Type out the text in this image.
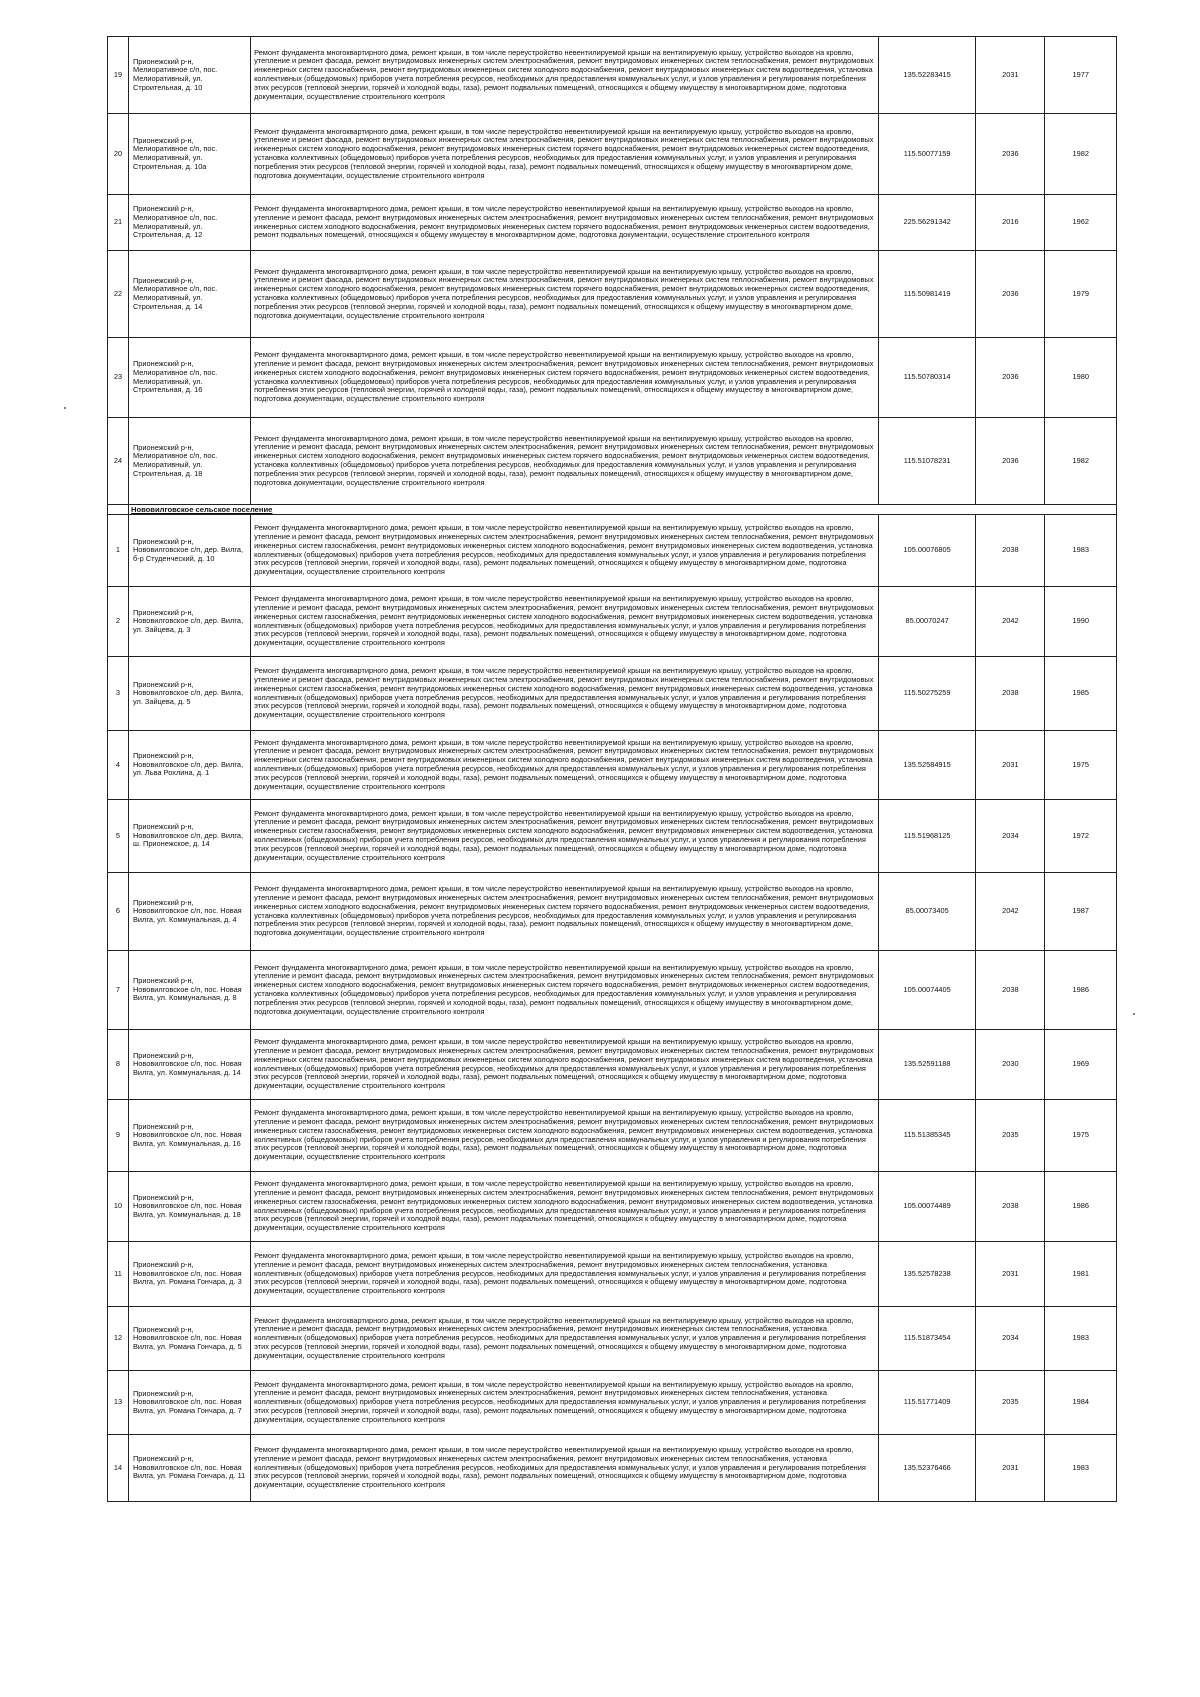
19	Прионежский р-н, Мелиоративное с/п, пос. Мелиоративный, ул. Строительная, д. 10	Ремонт фундамента многоквартирного дома, ремонт крыши, в том числе переустройство невентилируемой крыши на вентилируемую крышу, устройство выходов на кровлю, утепление и ремонт фасада, ремонт внутридомовых инженерных систем электроснабжения, ремонт внутридомовых инженерных систем теплоснабжения, ремонт внутридомовых инженерных систем газоснабжения, ремонт внутридомовых инженерных систем холодного водоснабжения, ремонт внутридомовых инженерных систем водоотведения, установка коллективных (общедомовых) приборов учета потребления ресурсов, необходимых для предоставления коммунальных услуг, и узлов управления и регулирования потребления этих ресурсов (тепловой энергии, горячей и холодной воды, газа), ремонт подвальных помещений, относящихся к общему имуществу в многоквартирном доме, подготовка документации, осуществление строительного контроля	135.52283415	2031	1977
20	Прионежский р-н, Мелиоративное с/п, пос. Мелиоративный, ул. Строительная, д. 10а	Ремонт фундамента многоквартирного дома, ремонт крыши, в том числе переустройство невентилируемой крыши на вентилируемую крышу, устройство выходов на кровлю, утепление и ремонт фасада, ремонт внутридомовых инженерных систем электроснабжения, ремонт внутридомовых инженерных систем теплоснабжения, ремонт внутридомовых инженерных систем холодного водоснабжения, ремонт внутридомовых инженерных систем горячего водоснабжения, ремонт внутридомовых инженерных систем водоотведения, установка коллективных (общедомовых) приборов учета потребления ресурсов, необходимых для предоставления коммунальных услуг, и узлов управления и регулирования потребления этих ресурсов (тепловой энергии, горячей и холодной воды, газа), ремонт подвальных помещений, относящихся к общему имуществу в многоквартирном доме, подготовка документации, осуществление строительного контроля	115.50077159	2036	1982
21	Прионежский р-н, Мелиоративное с/п, пос. Мелиоративный, ул. Строительная, д. 12	Ремонт фундамента многоквартирного дома, ремонт крыши, в том числе переустройство невентилируемой крыши на вентилируемую крышу, устройство выходов на кровлю, утепление и ремонт фасада, ремонт внутридомовых инженерных систем электроснабжения, ремонт внутридомовых инженерных систем теплоснабжения, ремонт внутридомовых инженерных систем холодного водоснабжения, ремонт внутридомовых инженерных систем горячего водоснабжения, ремонт внутридомовых инженерных систем водоотведения, ремонт подвальных помещений, относящихся к общему имуществу в многоквартирном доме, подготовка документации, осуществление строительного контроля	225.56291342	2016	1962
22	Прионежский р-н, Мелиоративное с/п, пос. Мелиоративный, ул. Строительная, д. 14	Ремонт фундамента многоквартирного дома, ремонт крыши, в том числе переустройство невентилируемой крыши на вентилируемую крышу, устройство выходов на кровлю, утепление и ремонт фасада, ремонт внутридомовых инженерных систем электроснабжения, ремонт внутридомовых инженерных систем теплоснабжения, ремонт внутридомовых инженерных систем холодного водоснабжения, ремонт внутридомовых инженерных систем горячего водоснабжения, ремонт внутридомовых инженерных систем водоотведения, установка коллективных (общедомовых) приборов учета потребления ресурсов, необходимых для предоставления коммунальных услуг, и узлов управления и регулирования потребления этих ресурсов (тепловой энергии, горячей и холодной воды, газа), ремонт подвальных помещений, относящихся к общему имуществу в многоквартирном доме, подготовка документации, осуществление строительного контроля	115.50981419	2036	1979
23	Прионежский р-н, Мелиоративное с/п, пос. Мелиоративный, ул. Строительная, д. 16	Ремонт фундамента многоквартирного дома, ремонт крыши, в том числе переустройство невентилируемой крыши на вентилируемую крышу, устройство выходов на кровлю, утепление и ремонт фасада, ремонт внутридомовых инженерных систем электроснабжения, ремонт внутридомовых инженерных систем теплоснабжения, ремонт внутридомовых инженерных систем холодного водоснабжения, ремонт внутридомовых инженерных систем горячего водоснабжения, ремонт внутридомовых инженерных систем водоотведения, установка коллективных (общедомовых) приборов учета потребления ресурсов, необходимых для предоставления коммунальных услуг, и узлов управления и регулирования потребления этих ресурсов (тепловой энергии, горячей и холодной воды, газа), ремонт подвальных помещений, относящихся к общему имуществу в многоквартирном доме, подготовка документации, осуществление строительного контроля	115.50780314	2036	1980
24	Прионежский р-н, Мелиоративное с/п, пос. Мелиоративный, ул. Строительная, д. 18	Ремонт фундамента многоквартирного дома, ремонт крыши, в том числе переустройство невентилируемой крыши на вентилируемую крышу, устройство выходов на кровлю, утепление и ремонт фасада, ремонт внутридомовых инженерных систем электроснабжения, ремонт внутридомовых инженерных систем теплоснабжения, ремонт внутридомовых инженерных систем холодного водоснабжения, ремонт внутридомовых инженерных систем горячего водоснабжения, ремонт внутридомовых инженерных систем водоотведения, установка коллективных (общедомовых) приборов учета потребления ресурсов, необходимых для предоставления коммунальных услуг, и узлов управления и регулирования потребления этих ресурсов (тепловой энергии, горячей и холодной воды, газа), ремонт подвальных помещений, относящихся к общему имуществу в многоквартирном доме, подготовка документации, осуществление строительного контроля	115.51078231	2036	1982
	Нововилговское сельское поселение				
1	Прионежский р-н, Нововилговское с/п, дер. Вилга, б-р Студенческий, д. 10	Ремонт фундамента многоквартирного дома, ремонт крыши, в том числе переустройство невентилируемой крыши на вентилируемую крышу, устройство выходов на кровлю, утепление и ремонт фасада, ремонт внутридомовых инженерных систем электроснабжения, ремонт внутридомовых инженерных систем теплоснабжения, ремонт внутридомовых инженерных систем газоснабжения, ремонт внутридомовых инженерных систем холодного водоснабжения, ремонт внутридомовых инженерных систем водоотведения, установка коллективных (общедомовых) приборов учета потребления ресурсов, необходимых для предоставления коммунальных услуг, и узлов управления и регулирования потребления этих ресурсов (тепловой энергии, горячей и холодной воды, газа), ремонт подвальных помещений, относящихся к общему имуществу в многоквартирном доме, подготовка документации, осуществление строительного контроля	105.00076805	2038	1983
2	Прионежский р-н, Нововилговское с/п, дер. Вилга, ул. Зайцева, д. 3	Ремонт фундамента многоквартирного дома, ремонт крыши, в том числе переустройство невентилируемой крыши на вентилируемую крышу, устройство выходов на кровлю, утепление и ремонт фасада, ремонт внутридомовых инженерных систем электроснабжения, ремонт внутридомовых инженерных систем теплоснабжения, ремонт внутридомовых инженерных систем газоснабжения, ремонт внутридомовых инженерных систем холодного водоснабжения, ремонт внутридомовых инженерных систем водоотведения, установка коллективных (общедомовых) приборов учета потребления ресурсов, необходимых для предоставления коммунальных услуг, и узлов управления и регулирования потребления этих ресурсов (тепловой энергии, горячей и холодной воды, газа), ремонт подвальных помещений, относящихся к общему имуществу в многоквартирном доме, подготовка документации, осуществление строительного контроля	85.00070247	2042	1990
3	Прионежский р-н, Нововилговское с/п, дер. Вилга, ул. Зайцева, д. 5	Ремонт фундамента многоквартирного дома, ремонт крыши, в том числе переустройство невентилируемой крыши на вентилируемую крышу, устройство выходов на кровлю, утепление и ремонт фасада, ремонт внутридомовых инженерных систем электроснабжения, ремонт внутридомовых инженерных систем теплоснабжения, ремонт внутридомовых инженерных систем газоснабжения, ремонт внутридомовых инженерных систем холодного водоснабжения, ремонт внутридомовых инженерных систем водоотведения, установка коллективных (общедомовых) приборов учета потребления ресурсов, необходимых для предоставления коммунальных услуг, и узлов управления и регулирования потребления этих ресурсов (тепловой энергии, горячей и холодной воды, газа), ремонт подвальных помещений, относящихся к общему имуществу в многоквартирном доме, подготовка документации, осуществление строительного контроля	115.50275259	2038	1985
4	Прионежский р-н, Нововилговское с/п, дер. Вилга, ул. Льва Рохлина, д. 1	Ремонт фундамента многоквартирного дома, ремонт крыши, в том числе переустройство невентилируемой крыши на вентилируемую крышу, устройство выходов на кровлю, утепление и ремонт фасада, ремонт внутридомовых инженерных систем электроснабжения, ремонт внутридомовых инженерных систем теплоснабжения, ремонт внутридомовых инженерных систем газоснабжения, ремонт внутридомовых инженерных систем холодного водоснабжения, ремонт внутридомовых инженерных систем водоотведения, установка коллективных (общедомовых) приборов учета потребления ресурсов, необходимых для предоставления коммунальных услуг, и узлов управления и регулирования потребления этих ресурсов (тепловой энергии, горячей и холодной воды, газа), ремонт подвальных помещений, относящихся к общему имуществу в многоквартирном доме, подготовка документации, осуществление строительного контроля	135.52584915	2031	1975
5	Прионежский р-н, Нововилговское с/п, дер. Вилга, ш. Прионежское, д. 14	Ремонт фундамента многоквартирного дома, ремонт крыши, в том числе переустройство невентилируемой крыши на вентилируемую крышу, устройство выходов на кровлю, утепление и ремонт фасада, ремонт внутридомовых инженерных систем электроснабжения, ремонт внутридомовых инженерных систем теплоснабжения, ремонт внутридомовых инженерных систем газоснабжения, ремонт внутридомовых инженерных систем холодного водоснабжения, ремонт внутридомовых инженерных систем водоотведения, установка коллективных (общедомовых) приборов учета потребления ресурсов, необходимых для предоставления коммунальных услуг, и узлов управления и регулирования потребления этих ресурсов (тепловой энергии, горячей и холодной воды, газа), ремонт подвальных помещений, относящихся к общему имуществу в многоквартирном доме, подготовка документации, осуществление строительного контроля	115.51968125	2034	1972
6	Прионежский р-н, Нововилговское с/п, пос. Новая Вилга, ул. Коммунальная, д. 4	Ремонт фундамента многоквартирного дома, ремонт крыши, в том числе переустройство невентилируемой крыши на вентилируемую крышу, устройство выходов на кровлю, утепление и ремонт фасада, ремонт внутридомовых инженерных систем электроснабжения, ремонт внутридомовых инженерных систем теплоснабжения, ремонт внутридомовых инженерных систем холодного водоснабжения, ремонт внутридомовых инженерных систем горячего водоснабжения, ремонт внутридомовых инженерных систем водоотведения, установка коллективных (общедомовых) приборов учета потребления ресурсов, необходимых для предоставления коммунальных услуг, и узлов управления и регулирования потребления этих ресурсов (тепловой энергии, горячей и холодной воды, газа), ремонт подвальных помещений, относящихся к общему имуществу в многоквартирном доме, подготовка документации, осуществление строительного контроля	85.00073405	2042	1987
7	Прионежский р-н, Нововилговское с/п, пос. Новая Вилга, ул. Коммунальная, д. 8	Ремонт фундамента многоквартирного дома, ремонт крыши, в том числе переустройство невентилируемой крыши на вентилируемую крышу, устройство выходов на кровлю, утепление и ремонт фасада, ремонт внутридомовых инженерных систем электроснабжения, ремонт внутридомовых инженерных систем теплоснабжения, ремонт внутридомовых инженерных систем холодного водоснабжения, ремонт внутридомовых инженерных систем горячего водоснабжения, ремонт внутридомовых инженерных систем водоотведения, установка коллективных (общедомовых) приборов учета потребления ресурсов, необходимых для предоставления коммунальных услуг, и узлов управления и регулирования потребления этих ресурсов (тепловой энергии, горячей и холодной воды, газа), ремонт подвальных помещений, относящихся к общему имуществу в многоквартирном доме, подготовка документации, осуществление строительного контроля	105.00074405	2038	1986
8	Прионежский р-н, Нововилговское с/п, пос. Новая Вилга, ул. Коммунальная, д. 14	Ремонт фундамента многоквартирного дома, ремонт крыши, в том числе переустройство невентилируемой крыши на вентилируемую крышу, устройство выходов на кровлю, утепление и ремонт фасада, ремонт внутридомовых инженерных систем электроснабжения, ремонт внутридомовых инженерных систем теплоснабжения, ремонт внутридомовых инженерных систем газоснабжения, ремонт внутридомовых инженерных систем холодного водоснабжения, ремонт внутридомовых инженерных систем водоотведения, установка коллективных (общедомовых) приборов учета потребления ресурсов, необходимых для предоставления коммунальных услуг, и узлов управления и регулирования потребления этих ресурсов (тепловой энергии, горячей и холодной воды, газа), ремонт подвальных помещений, относящихся к общему имуществу в многоквартирном доме, подготовка документации, осуществление строительного контроля	135.52591188	2030	1969
9	Прионежский р-н, Нововилговское с/п, пос. Новая Вилга, ул. Коммунальная, д. 16	Ремонт фундамента многоквартирного дома, ремонт крыши, в том числе переустройство невентилируемой крыши на вентилируемую крышу, устройство выходов на кровлю, утепление и ремонт фасада, ремонт внутридомовых инженерных систем электроснабжения, ремонт внутридомовых инженерных систем теплоснабжения, ремонт внутридомовых инженерных систем газоснабжения, ремонт внутридомовых инженерных систем холодного водоснабжения, ремонт внутридомовых инженерных систем водоотведения, установка коллективных (общедомовых) приборов учета потребления ресурсов, необходимых для предоставления коммунальных услуг, и узлов управления и регулирования потребления этих ресурсов (тепловой энергии, горячей и холодной воды, газа), ремонт подвальных помещений, относящихся к общему имуществу в многоквартирном доме, подготовка документации, осуществление строительного контроля	115.51385345	2035	1975
10	Прионежский р-н, Нововилговское с/п, пос. Новая Вилга, ул. Коммунальная, д. 18	Ремонт фундамента многоквартирного дома, ремонт крыши, в том числе переустройство невентилируемой крыши на вентилируемую крышу, устройство выходов на кровлю, утепление и ремонт фасада, ремонт внутридомовых инженерных систем электроснабжения, ремонт внутридомовых инженерных систем теплоснабжения, ремонт внутридомовых инженерных систем газоснабжения, ремонт внутридомовых инженерных систем холодного водоснабжения, ремонт внутридомовых инженерных систем водоотведения, установка коллективных (общедомовых) приборов учета потребления ресурсов, необходимых для предоставления коммунальных услуг, и узлов управления и регулирования потребления этих ресурсов (тепловой энергии, горячей и холодной воды, газа), ремонт подвальных помещений, относящихся к общему имуществу в многоквартирном доме, подготовка документации, осуществление строительного контроля	105.00074489	2038	1986
11	Прионежский р-н, Нововилговское с/п, пос. Новая Вилга, ул. Романа Гончара, д. 3	Ремонт фундамента многоквартирного дома, ремонт крыши, в том числе переустройство невентилируемой крыши на вентилируемую крышу, устройство выходов на кровлю, утепление и ремонт фасада, ремонт внутридомовых инженерных систем электроснабжения, ремонт внутридомовых инженерных систем теплоснабжения, установка коллективных (общедомовых) приборов учета потребления ресурсов, необходимых для предоставления коммунальных услуг, и узлов управления и регулирования потребления этих ресурсов (тепловой энергии, горячей и холодной воды, газа), ремонт подвальных помещений, относящихся к общему имуществу в многоквартирном доме, подготовка документации, осуществление строительного контроля	135.52578238	2031	1981
12	Прионежский р-н, Нововилговское с/п, пос. Новая Вилга, ул. Романа Гончара, д. 5	Ремонт фундамента многоквартирного дома, ремонт крыши, в том числе переустройство невентилируемой крыши на вентилируемую крышу, устройство выходов на кровлю, утепление и ремонт фасада, ремонт внутридомовых инженерных систем электроснабжения, ремонт внутридомовых инженерных систем теплоснабжения, установка коллективных (общедомовых) приборов учета потребления ресурсов, необходимых для предоставления коммунальных услуг, и узлов управления и регулирования потребления этих ресурсов (тепловой энергии, горячей и холодной воды, газа), ремонт подвальных помещений, относящихся к общему имуществу в многоквартирном доме, подготовка документации, осуществление строительного контроля	115.51873454	2034	1983
13	Прионежский р-н, Нововилговское с/п, пос. Новая Вилга, ул. Романа Гончара, д. 7	Ремонт фундамента многоквартирного дома, ремонт крыши, в том числе переустройство невентилируемой крыши на вентилируемую крышу, устройство выходов на кровлю, утепление и ремонт фасада, ремонт внутридомовых инженерных систем электроснабжения, ремонт внутридомовых инженерных систем теплоснабжения, установка коллективных (общедомовых) приборов учета потребления ресурсов, необходимых для предоставления коммунальных услуг, и узлов управления и регулирования потребления этих ресурсов (тепловой энергии, горячей и холодной воды, газа), ремонт подвальных помещений, относящихся к общему имуществу в многоквартирном доме, подготовка документации, осуществление строительного контроля	115.51771409	2035	1984
14	Прионежский р-н, Нововилговское с/п, пос. Новая Вилга, ул. Романа Гончара, д. 11	Ремонт фундамента многоквартирного дома, ремонт крыши, в том числе переустройство невентилируемой крыши на вентилируемую крышу, устройство выходов на кровлю, утепление и ремонт фасада, ремонт внутридомовых инженерных систем электроснабжения, ремонт внутридомовых инженерных систем теплоснабжения, установка коллективных (общедомовых) приборов учета потребления ресурсов, необходимых для предоставления коммунальных услуг, и узлов управления и регулирования потребления этих ресурсов (тепловой энергии, горячей и холодной воды, газа), ремонт подвальных помещений, относящихся к общему имуществу в многоквартирном доме, подготовка документации, осуществление строительного контроля	135.52376466	2031	1983
